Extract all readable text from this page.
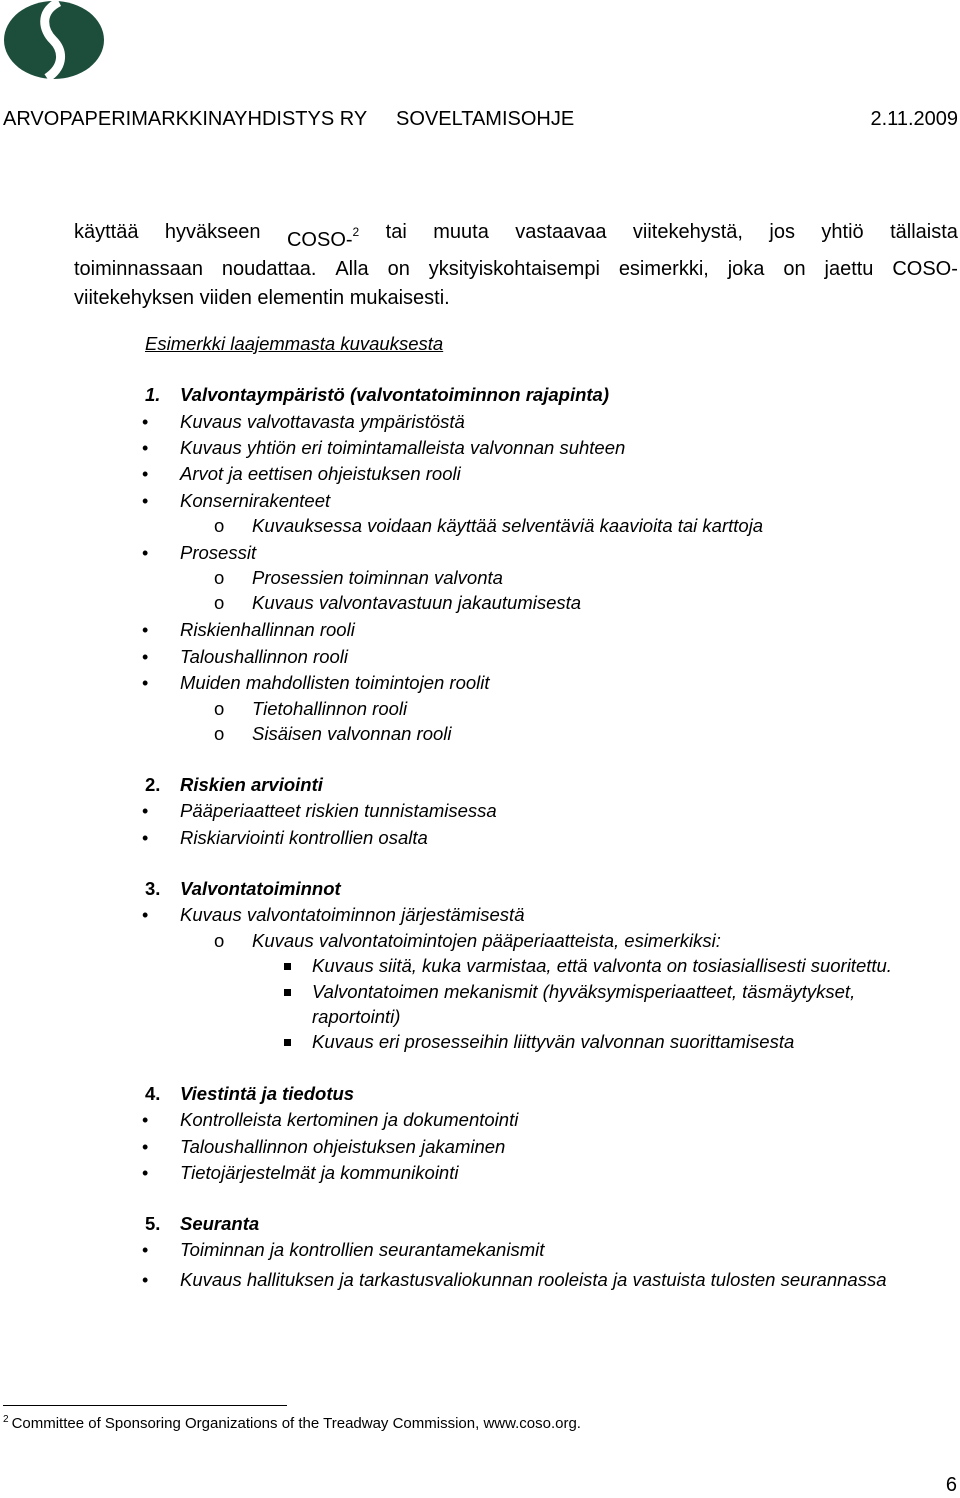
ARVOPAPERIMARKKINAYHDISTYS RY SOVELTAMISOHJE	2.11.2009
käyttää hyväkseen COSO-$^2$ tai muuta vastaavaa viitekehystä, jos yhtiö tällaista
toiminnassaan noudattaa. Alla on yksityiskohtaisempi esimerkki, joka on jaettu COSO-
viitekehyksen viiden elementin mukaisesti.
Esimerkki laajemmasta kuvauksesta
1. Valvontaympäristö (valvontatoiminnon rajapinta)
• Kuvaus valvottavasta ympäristöstä
• Kuvaus yhtiön eri toimintamalleista valvonnan suhteen
• Arvot ja eettisen ohjeistuksen rooli
• Konsernirakenteet
o Kuvauksessa voidaan käyttää selventäviä kaavioita tai karttoja
• Prosessit
o Prosessien toiminnan valvonta
o Kuvaus valvontavastuun jakautumisesta
• Riskienhallinnan rooli
• Taloushallinnon rooli
• Muiden mahdollisten toimintojen roolit
o Tietohallinnon rooli
o Sisäisen valvonnan rooli
2. Riskien arviointi
• Pääperiaatteet riskien tunnistamisessa
• Riskiarviointi kontrollien osalta
3. Valvontatoiminnot
• Kuvaus valvontatoiminnon järjestämisestä
o Kuvaus valvontatoimintojen pääperiaatteista, esimerkiksi:
Kuvaus siitä, kuka varmistaa, että valvonta on tosiasiallisesti suoritettu.
Valvontatoimen mekanismit (hyväksymisperiaatteet, täsmäytykset,
raportointi)
Kuvaus eri prosesseihin liittyvän valvonnan suorittamisesta
4. Viestintä ja tiedotus
• Kontrolleista kertominen ja dokumentointi
• Taloushallinnon ohjeistuksen jakaminen
• Tietojärjestelmät ja kommunikointi
5. Seuranta
• Toiminnan ja kontrollien seurantamekanismit
• Kuvaus hallituksen ja tarkastusvaliokunnan rooleista ja vastuista tulosten seurannassa
$^2$ Committee of Sponsoring Organizations of the Treadway Commission, www.coso.org.
6
